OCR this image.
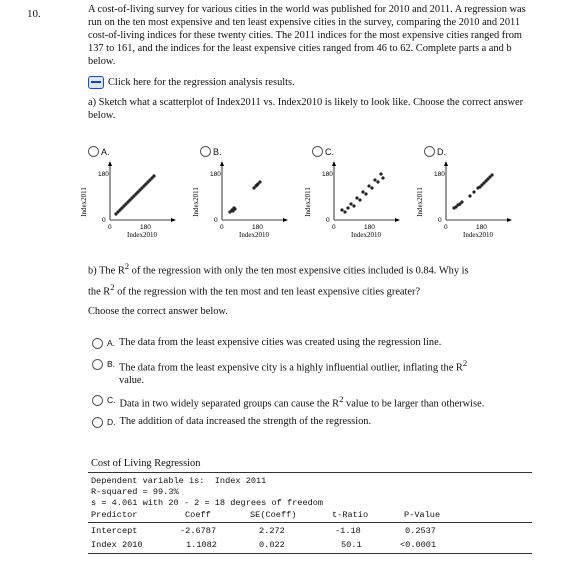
10.	A cost-of-living survey for various cities in the world was published for 2010 and 2011. A regression was run on the ten most expensive and ten least expensive cities in the survey, comparing the 2010 and 2011 cost-of-living indices for these twenty cities. The 2011 indices for the most expensive cities ranged from 137 to 161, and the indices for the least expensive cities ranged from 46 to 62. Complete parts a and b below.
Click here for the regression analysis results.
a) Sketch what a scatterplot of Index2011 vs. Index2010 is likely to look like. Choose the correct answer below.
A.
Index2011
180
0
0	180
Index2010
B.
Index2011
180
0
0	180
Index2010
C.
Index2011
180
0
0	180
Index2010
D.
Index2011
180
0
0	180
Index2010
b) The $R^2$ of the regression with only the ten most expensive cities included is 0.84. Why is
the $R^2$ of the regression with the ten most and ten least expensive cities greater?
Choose the correct answer below.
A. The data from the least expensive cities was created using the regression line.
B. The data from the least expensive city is a highly influential outlier, inflating the $R^2$
value.
C. Data in two widely separated groups can cause the $R^2$ value to be larger than otherwise.
D. The addition of data increased the strength of the regression.
Cost of Living Regression
Dependent variable is:  Index 2011
R-squared = 99.3%
s = 4.061 with 20 - 2 = 18 degrees of freedom
Predictor	Coeff	SE(Coeff)	t-Ratio	P-Value
Intercept	-2.6787	2.272	-1.18	0.2537
Index 2010	1.1082	0.022	50.1	<0.0001
